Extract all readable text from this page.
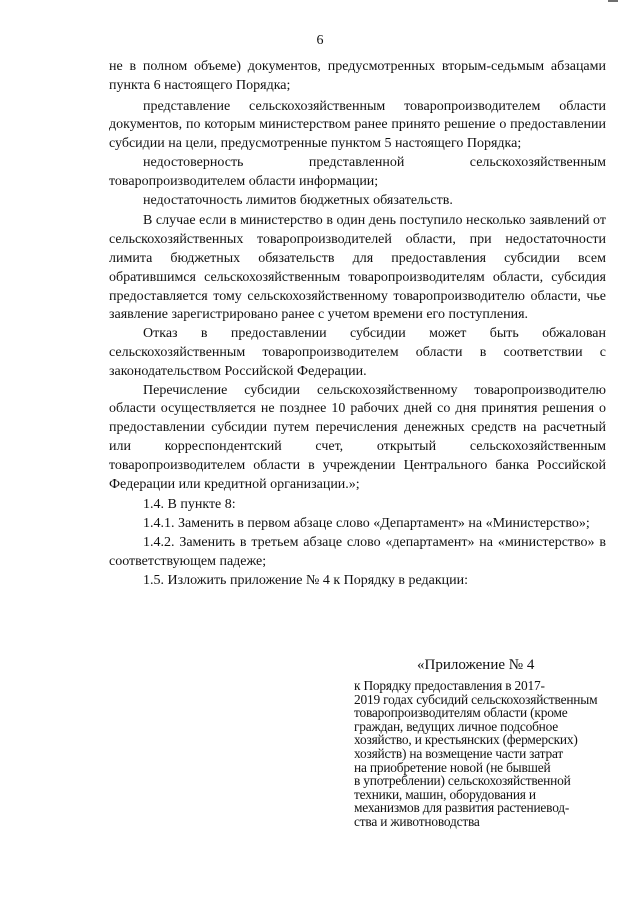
6

не в полном объеме) документов, предусмотренных вторым-седьмым абзацами пункта 6 настоящего Порядка;

представление сельскохозяйственным товаропроизводителем области документов, по которым министерством ранее принято решение о предоставлении субсидии на цели, предусмотренные пунктом 5 настоящего Порядка;

недостоверность представленной сельскохозяйственным товаропроизводителем области информации;

недостаточность лимитов бюджетных обязательств.

В случае если в министерство в один день поступило несколько заявлений от сельскохозяйственных товаропроизводителей области, при недостаточности лимита бюджетных обязательств для предоставления субсидии всем обратившимся сельскохозяйственным товаропроизводителям области, субсидия предоставляется тому сельскохозяйственному товаропроизводителю области, чье заявление зарегистрировано ранее с учетом времени его поступления.

Отказ в предоставлении субсидии может быть обжалован сельскохозяйственным товаропроизводителем области в соответствии с законодательством Российской Федерации.

Перечисление субсидии сельскохозяйственному товаропроизводителю области осуществляется не позднее 10 рабочих дней со дня принятия решения о предоставлении субсидии путем перечисления денежных средств на расчетный или корреспондентский счет, открытый сельскохозяйственным товаропроизводителем области в учреждении Центрального банка Российской Федерации или кредитной организации.»;

1.4. В пункте 8:

1.4.1. Заменить в первом абзаце слово «Департамент» на «Министерство»;

1.4.2. Заменить в третьем абзаце слово «департамент» на «министерство» в соответствующем падеже;

1.5. Изложить приложение № 4 к Порядку в редакции:

«Приложение № 4
к Порядку предоставления в 2017-
2019 годах субсидий сельскохозяйственным
товаропроизводителям области (кроме
граждан, ведущих личное подсобное
хозяйство, и крестьянских (фермерских)
хозяйств) на возмещение части затрат
на приобретение новой (не бывшей
в употреблении) сельскохозяйственной
техники, машин, оборудования и
механизмов для развития растениевод-
ства и животноводства
